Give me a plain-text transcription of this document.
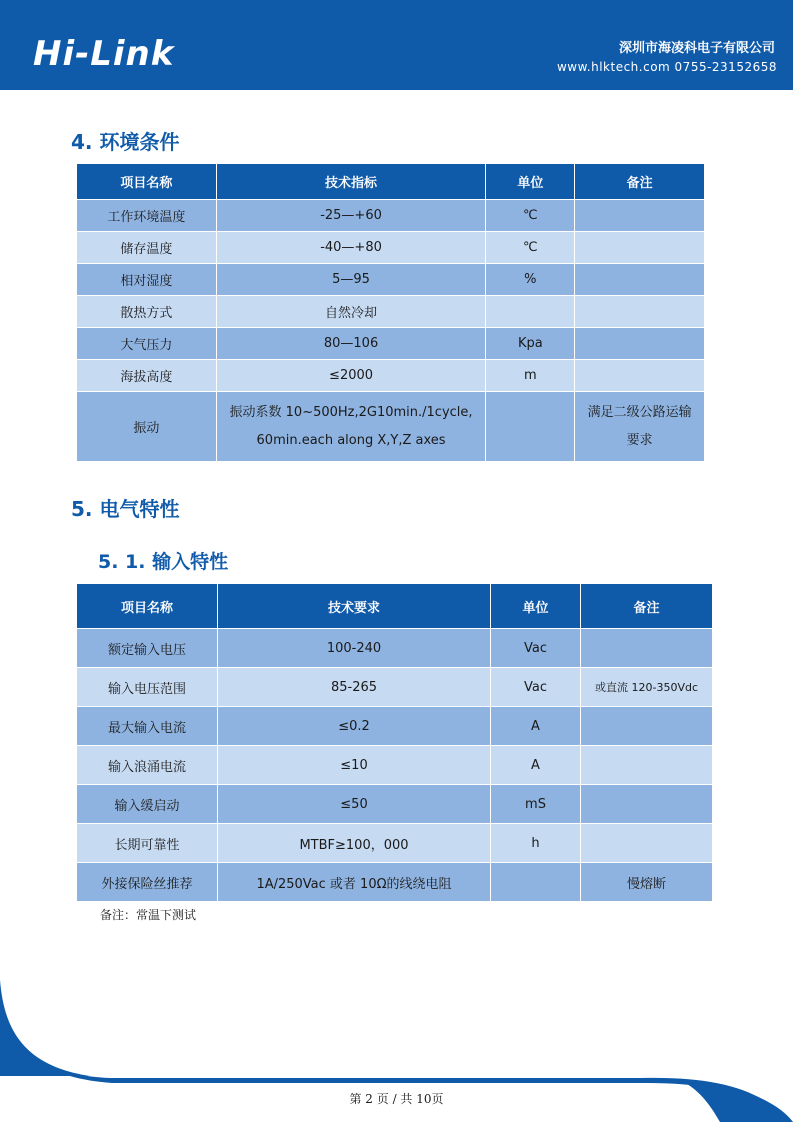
Hi-Link	深圳市海凌科电子有限公司
www.hlktech.com 0755-23152658
4. 环境条件
项目名称	技术指标	单位	备注
工作环境温度	-25—+60	℃	
储存温度	-40—+80	℃	
相对湿度	5—95	%	
散热方式	自然冷却		
大气压力	80—106	Kpa	
海拔高度	≤2000	m	
振动	振动系数 10~500Hz,2G10min./1cycle, 60min.each along X,Y,Z axes		满足二级公路运输要求
5. 电气特性
5. 1. 输入特性
项目名称	技术要求	单位	备注
额定输入电压	100-240	Vac	
输入电压范围	85-265	Vac	或直流 120-350Vdc
最大输入电流	≤0.2	A	
输入浪涌电流	≤10	A	
输入缓启动	≤50	mS	
长期可靠性	MTBF≥100，000	h	
外接保险丝推荐	1A/250Vac 或者 10Ω的线绕电阻		慢熔断
备注：常温下测试
第 2 页 / 共 10页
